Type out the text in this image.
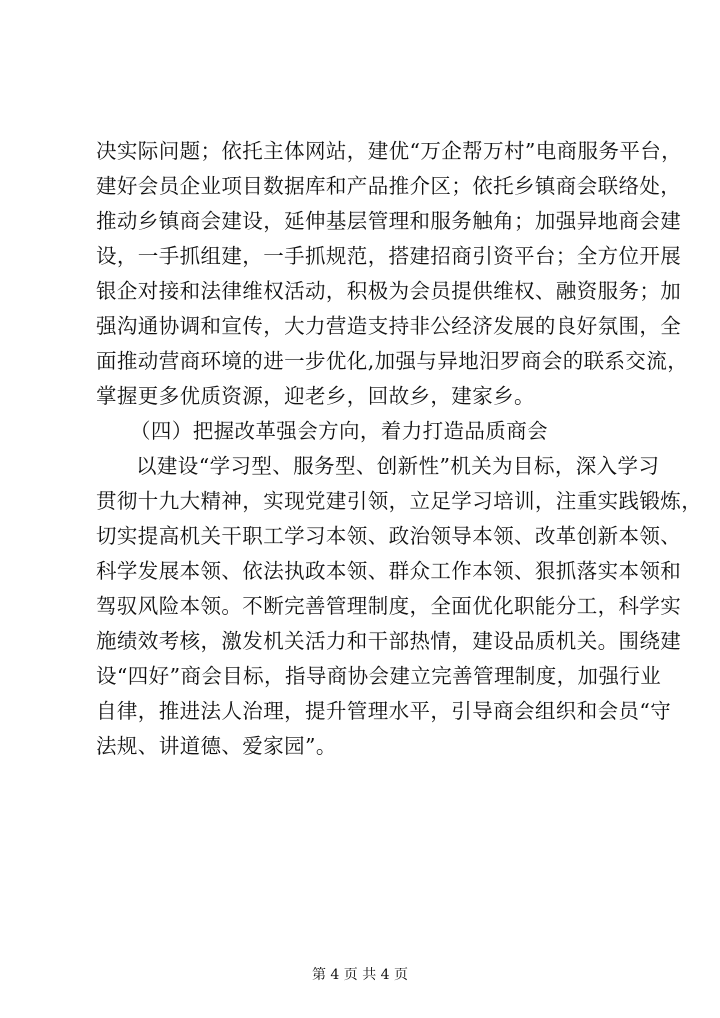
决实际问题；依托主体网站，建优“万企帮万村”电商服务平台，
建好会员企业项目数据库和产品推介区；依托乡镇商会联络处，
推动乡镇商会建设，延伸基层管理和服务触角；加强异地商会建
设，一手抓组建，一手抓规范，搭建招商引资平台；全方位开展
银企对接和法律维权活动，积极为会员提供维权、融资服务；加
强沟通协调和宣传，大力营造支持非公经济发展的良好氛围，全
面推动营商环境的进一步优化,加强与异地汨罗商会的联系交流，
掌握更多优质资源，迎老乡，回故乡，建家乡。
（四）把握改革强会方向，着力打造品质商会
以建设“学习型、服务型、创新性”机关为目标，深入学习
贯彻十九大精神，实现党建引领，立足学习培训，注重实践锻炼，
切实提高机关干职工学习本领、政治领导本领、改革创新本领、
科学发展本领、依法执政本领、群众工作本领、狠抓落实本领和
驾驭风险本领。不断完善管理制度，全面优化职能分工，科学实
施绩效考核，激发机关活力和干部热情，建设品质机关。围绕建
设“四好”商会目标，指导商协会建立完善管理制度，加强行业
自律，推进法人治理，提升管理水平，引导商会组织和会员“守
法规、讲道德、爱家园”。
第 4 页 共 4 页
